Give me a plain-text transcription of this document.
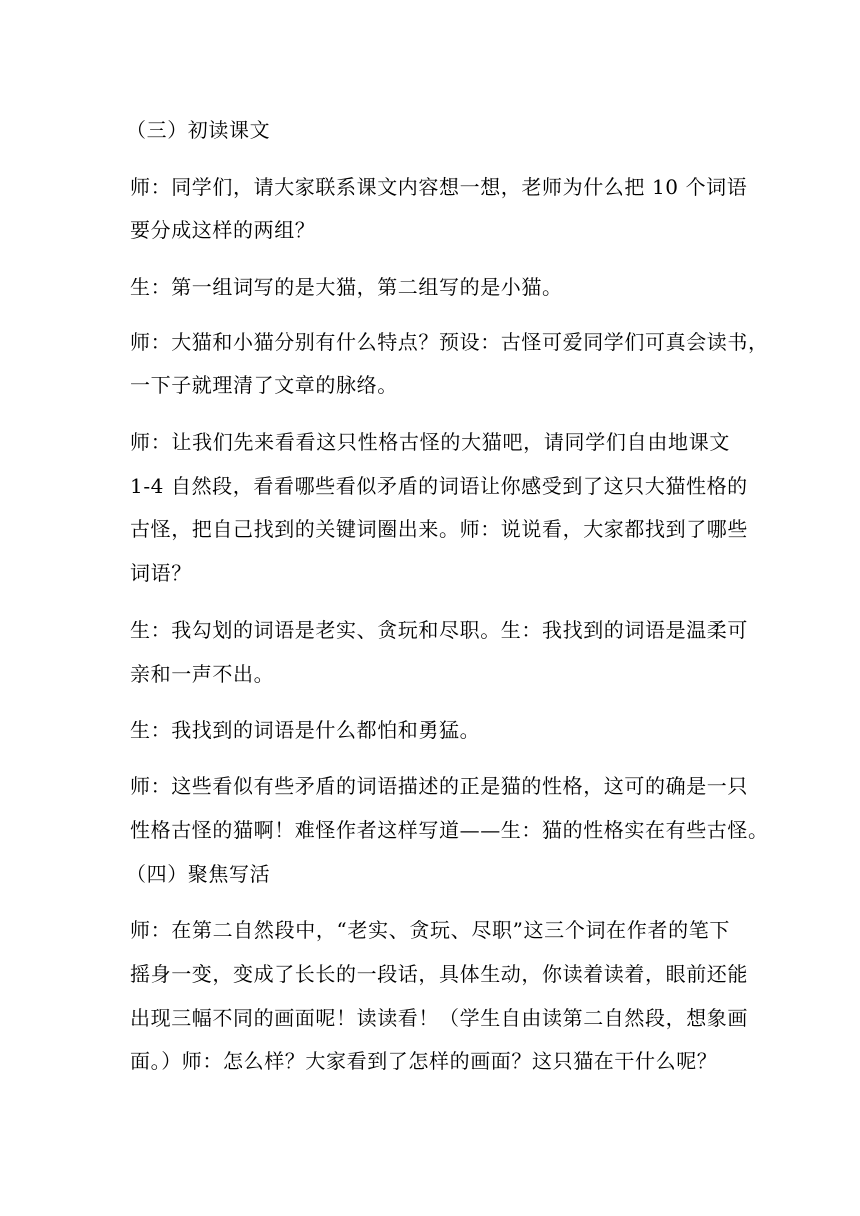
（三）初读课文
师：同学们，请大家联系课文内容想一想，老师为什么把 10 个词语
要分成这样的两组？
生：第一组词写的是大猫，第二组写的是小猫。
师：大猫和小猫分别有什么特点？预设：古怪可爱同学们可真会读书，
一下子就理清了文章的脉络。
师：让我们先来看看这只性格古怪的大猫吧，请同学们自由地课文
1-4 自然段，看看哪些看似矛盾的词语让你感受到了这只大猫性格的
古怪，把自己找到的关键词圈出来。师：说说看，大家都找到了哪些
词语？
生：我勾划的词语是老实、贪玩和尽职。生：我找到的词语是温柔可
亲和一声不出。
生：我找到的词语是什么都怕和勇猛。
师：这些看似有些矛盾的词语描述的正是猫的性格，这可的确是一只
性格古怪的猫啊！难怪作者这样写道——生：猫的性格实在有些古怪。
（四）聚焦写活
师：在第二自然段中，“老实、贪玩、尽职”这三个词在作者的笔下
摇身一变，变成了长长的一段话，具体生动，你读着读着，眼前还能
出现三幅不同的画面呢！读读看！（学生自由读第二自然段，想象画
面。）师：怎么样？大家看到了怎样的画面？这只猫在干什么呢？
